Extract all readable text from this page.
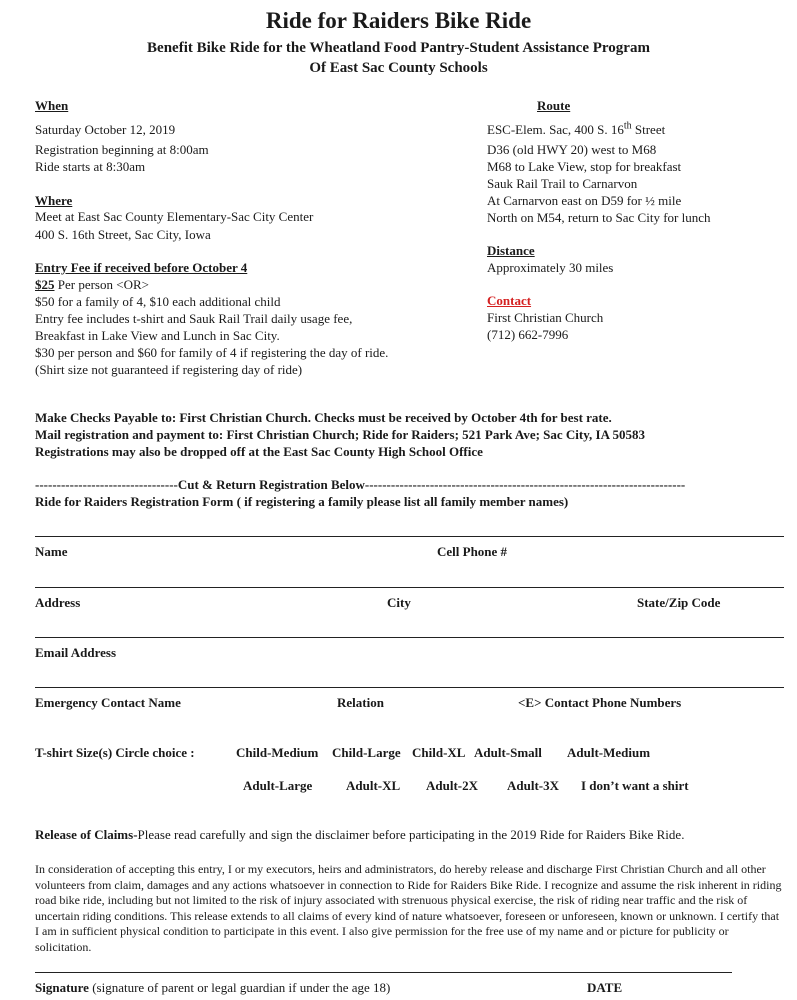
Ride for Raiders Bike Ride
Benefit Bike Ride for the Wheatland Food Pantry-Student Assistance Program
Of East Sac County Schools
When
Saturday October 12, 2019
Registration beginning at 8:00am
Ride starts at 8:30am
Where
Meet at East Sac County Elementary-Sac City Center
400 S. 16th Street, Sac City, Iowa
Entry Fee if received before October 4
$25 Per person <OR>
$50 for a family of 4, $10 each additional child
Entry fee includes t-shirt and Sauk Rail Trail daily usage fee,
Breakfast in Lake View and Lunch in Sac City.
$30 per person and $60 for family of 4 if registering the day of ride.
(Shirt size not guaranteed if registering day of ride)
Route
ESC-Elem. Sac, 400 S. 16th Street
D36 (old HWY 20) west to M68
M68 to Lake View, stop for breakfast
Sauk Rail Trail to Carnarvon
At Carnarvon east on D59 for ½ mile
North on M54, return to Sac City for lunch
Distance
Approximately 30 miles
Contact
First Christian Church
(712) 662-7996
Make Checks Payable to: First Christian Church. Checks must be received by October 4th for best rate.
Mail registration and payment to: First Christian Church; Ride for Raiders; 521 Park Ave; Sac City, IA 50583
Registrations may also be dropped off at the East Sac County High School Office
---------------------------------Cut & Return Registration Below--------------------------------------------------------------------------
Ride for Raiders Registration Form ( if registering a family please list all family member names)
Name	Cell Phone #
Address	City	State/Zip Code
Email Address
Emergency Contact Name	Relation	<E> Contact Phone Numbers
T-shirt Size(s) Circle choice :	Child-Medium Child-Large Child-XL Adult-Small Adult-Medium
Adult-Large	Adult-XL Adult-2X Adult-3X I don’t want a shirt
Release of Claims-Please read carefully and sign the disclaimer before participating in the 2019 Ride for Raiders Bike Ride.
In consideration of accepting this entry, I or my executors, heirs and administrators, do hereby release and discharge First Christian Church and all other volunteers from claim, damages and any actions whatsoever in connection to Ride for Raiders Bike Ride. I recognize and assume the risk inherent in riding road bike ride, including but not limited to the risk of injury associated with strenuous physical exercise, the risk of riding near traffic and the risk of uncertain riding conditions. This release extends to all claims of every kind of nature whatsoever, foreseen or unforeseen, known or unknown. I certify that I am in sufficient physical condition to participate in this event. I also give permission for the free use of my name and or picture for publicity or solicitation.
Signature (signature of parent or legal guardian if under the age 18)	DATE
